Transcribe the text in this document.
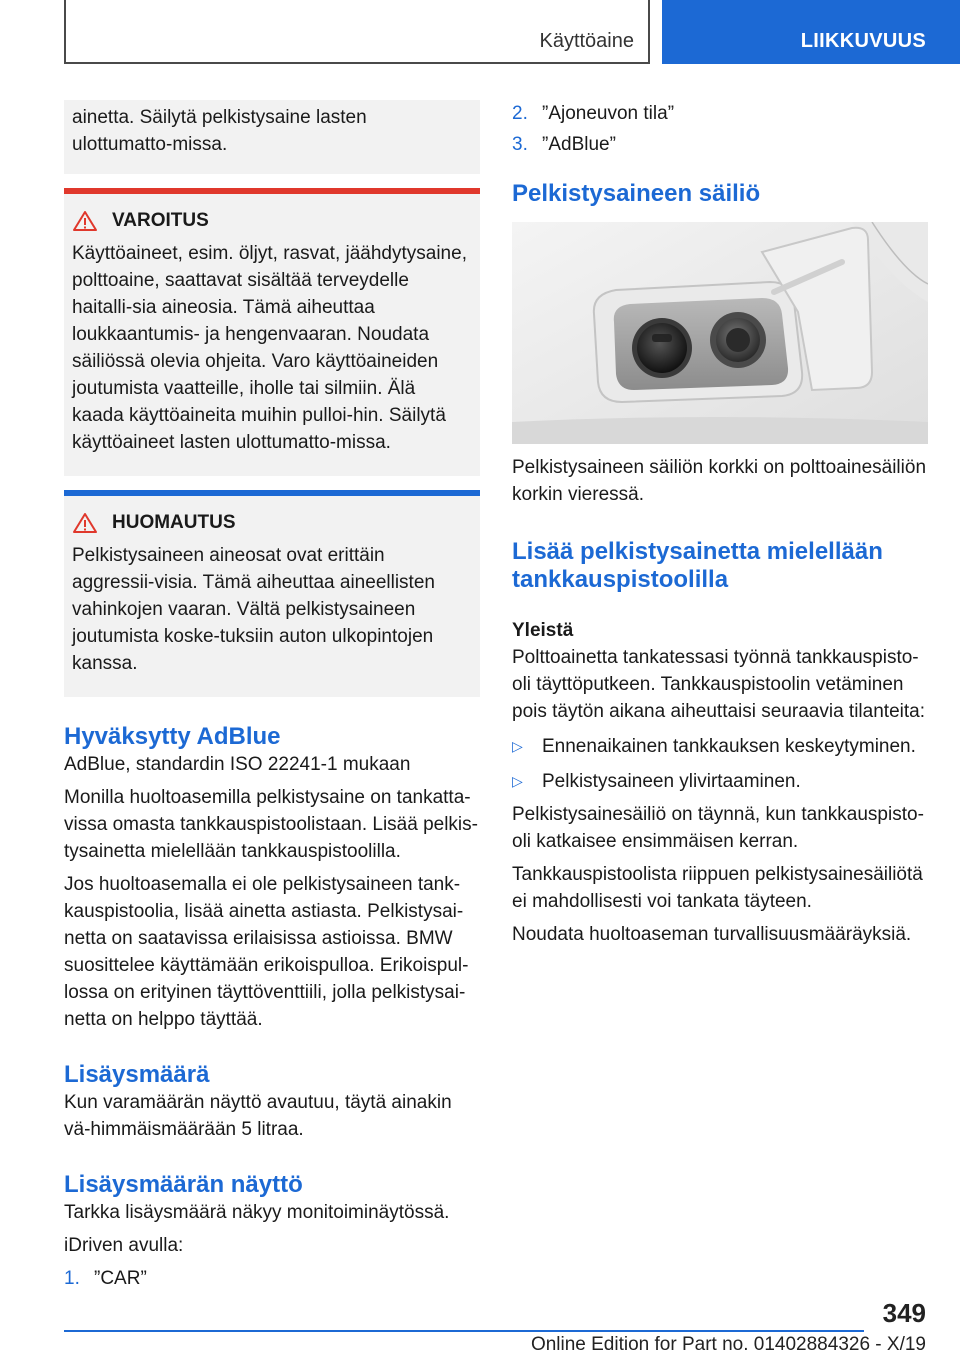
Käyttöaine	LIIKKUVUUS

ainetta. Säilytä pelkistysaine lasten ulottumatto-missa.

VAROITUS

Käyttöaineet, esim. öljyt, rasvat, jäähdytysaine, polttoaine, saattavat sisältää terveydelle haitalli-sia aineosia. Tämä aiheuttaa loukkaantumis- ja hengenvaaran. Noudata säiliössä olevia ohjeita. Varo käyttöaineiden joutumista vaatteille, iholle tai silmiin. Älä kaada käyttöaineita muihin pulloi-hin. Säilytä käyttöaineet lasten ulottumatto-missa.

HUOMAUTUS

Pelkistysaineen aineosat ovat erittäin aggressii-visia. Tämä aiheuttaa aineellisten vahinkojen vaaran. Vältä pelkistysaineen joutumista koske-tuksiin auton ulkopintojen kanssa.

Hyväksytty AdBlue

AdBlue, standardin ISO 22241-1 mukaan

Monilla huoltoasemilla pelkistysaine on tankatta-vissa omasta tankkauspistoolistaan. Lisää pelkis-tysainetta mielellään tankkauspistoolilla.

Jos huoltoasemalla ei ole pelkistysaineen tank-kauspistoolia, lisää ainetta astiasta. Pelkistysai-netta on saatavissa erilaisissa astioissa. BMW suosittelee käyttämään erikoispulloa. Erikoispul-lossa on erityinen täyttöventtiili, jolla pelkistysai-netta on helppo täyttää.

Lisäysmäärä

Kun varamäärän näyttö avautuu, täytä ainakin vä-himmäismäärään 5 litraa.

Lisäysmäärän näyttö

Tarkka lisäysmäärä näkyy monitoiminäytössä.

iDriven avulla:

1. ”CAR”
2. ”Ajoneuvon tila”
3. ”AdBlue”
Pelkistysaineen säiliö

Pelkistysaineen säiliön korkki on polttoainesäiliön korkin vieressä.

Lisää pelkistysainetta mielellään tankkauspistoolilla
Yleistä

Polttoainetta tankatessasi työnnä tankkauspisto-oli täyttöputkeen. Tankkauspistoolin vetäminen pois täytön aikana aiheuttaisi seuraavia tilanteita:

▷	Ennenaikainen tankkauksen keskeytyminen.
▷	Pelkistysaineen ylivirtaaminen.

Pelkistysainesäiliö on täynnä, kun tankkauspisto-oli katkaisee ensimmäisen kerran.

Tankkauspistoolista riippuen pelkistysainesäiliötä ei mahdollisesti voi tankata täyteen.

Noudata huoltoaseman turvallisuusmääräyksiä.

349
Online Edition for Part no. 01402884326 - X/19
